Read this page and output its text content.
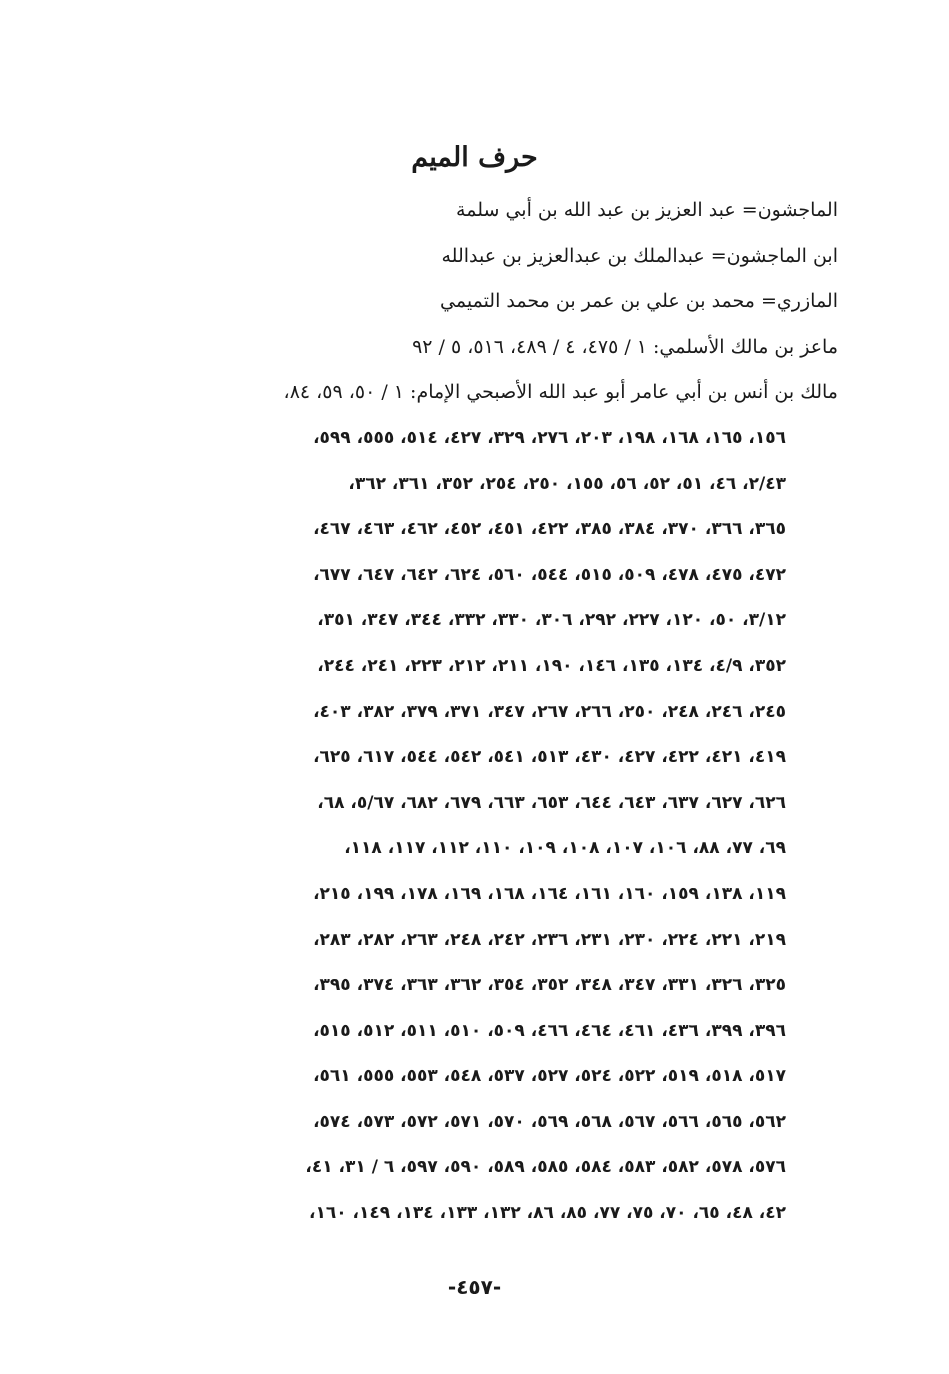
حرف الميم
الماجشون= عبد العزيز بن عبد الله بن أبي سلمة
ابن الماجشون= عبدالملك بن عبدالعزيز بن عبدالله
المازري= محمد بن علي بن عمر بن محمد التميمي
ماعز بن مالك الأسلمي: ١ / ٤٧٥، ٤ / ٤٨٩، ٥١٦، ٥ / ٩٢
مالك بن أنس بن أبي عامر أبو عبد الله الأصبحي الإمام: ١ / ٥٠، ٥٩، ٨٤،
١٥٦، ١٦٥، ١٦٨، ١٩٨، ٢٠٣، ٢٧٦، ٣٢٩، ٤٢٧، ٥١٤، ٥٥٥، ٥٩٩،
٢/٤٣، ٤٦، ٥١، ٥٢، ٥٦، ١٥٥، ٢٥٠، ٢٥٤، ٣٥٢، ٣٦١، ٣٦٢،
٣٦٥، ٣٦٦، ٣٧٠، ٣٨٤، ٣٨٥، ٤٢٢، ٤٥١، ٤٥٢، ٤٦٢، ٤٦٣، ٤٦٧،
٤٧٢، ٤٧٥، ٤٧٨، ٥٠٩، ٥١٥، ٥٤٤، ٥٦٠، ٦٢٤، ٦٤٢، ٦٤٧، ٦٧٧،
٣/١٢، ٥٠، ١٢٠، ٢٢٧، ٢٩٢، ٣٠٦، ٣٣٠، ٣٣٢، ٣٤٤، ٣٤٧، ٣٥١،
٣٥٢، ٤/٩، ١٣٤، ١٣٥، ١٤٦، ١٩٠، ٢١١، ٢١٢، ٢٢٣، ٢٤١، ٢٤٤،
٢٤٥، ٢٤٦، ٢٤٨، ٢٥٠، ٢٦٦، ٢٦٧، ٣٤٧، ٣٧١، ٣٧٩، ٣٨٢، ٤٠٣،
٤١٩، ٤٢١، ٤٢٢، ٤٢٧، ٤٣٠، ٥١٣، ٥٤١، ٥٤٢، ٥٤٤، ٦١٧، ٦٢٥،
٦٢٦، ٦٢٧، ٦٣٧، ٦٤٣، ٦٤٤، ٦٥٣، ٦٦٣، ٦٧٩، ٦٨٢، ٥/٦٧، ٦٨،
٦٩، ٧٧، ٨٨، ١٠٦، ١٠٧، ١٠٨، ١٠٩، ١١٠، ١١٢، ١١٧، ١١٨،
١١٩، ١٣٨، ١٥٩، ١٦٠، ١٦١، ١٦٤، ١٦٨، ١٦٩، ١٧٨، ١٩٩، ٢١٥،
٢١٩، ٢٢١، ٢٢٤، ٢٣٠، ٢٣١، ٢٣٦، ٢٤٢، ٢٤٨، ٢٦٣، ٢٨٢، ٢٨٣،
٣٢٥، ٣٢٦، ٣٣١، ٣٤٧، ٣٤٨، ٣٥٢، ٣٥٤، ٣٦٢، ٣٦٣، ٣٧٤، ٣٩٥،
٣٩٦، ٣٩٩، ٤٣٦، ٤٦١، ٤٦٤، ٤٦٦، ٥٠٩، ٥١٠، ٥١١، ٥١٢، ٥١٥،
٥١٧، ٥١٨، ٥١٩، ٥٢٢، ٥٢٤، ٥٢٧، ٥٣٧، ٥٤٨، ٥٥٣، ٥٥٥، ٥٦١،
٥٦٢، ٥٦٥، ٥٦٦، ٥٦٧، ٥٦٨، ٥٦٩، ٥٧٠، ٥٧١، ٥٧٢، ٥٧٣، ٥٧٤،
٥٧٦، ٥٧٨، ٥٨٢، ٥٨٣، ٥٨٤، ٥٨٥، ٥٨٩، ٥٩٠، ٥٩٧، ٦ / ٣١، ٤١،
٤٢، ٤٨، ٦٥، ٧٠، ٧٥، ٧٧، ٨٥، ٨٦، ١٣٢، ١٣٣، ١٣٤، ١٤٩، ١٦٠،
-٤٥٧-
